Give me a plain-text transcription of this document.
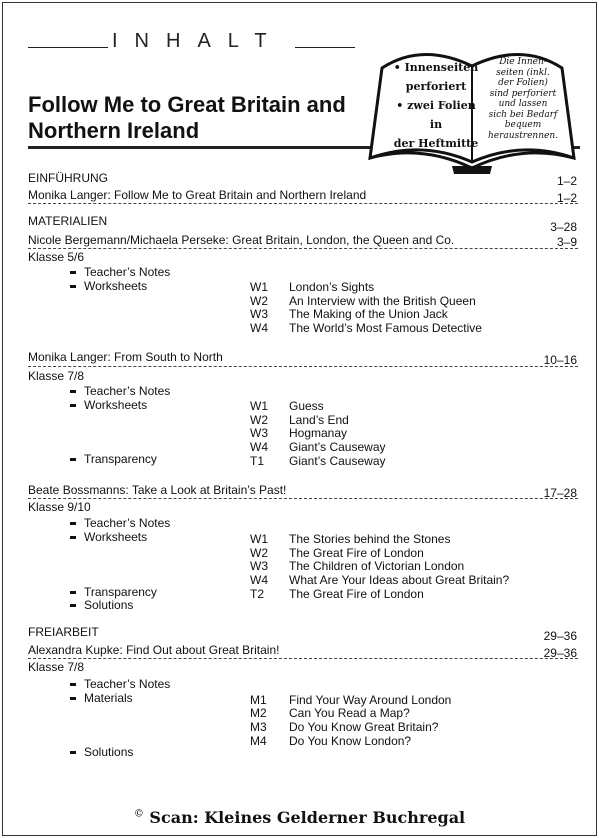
INHALT
Follow Me to Great Britain and
Northern Ireland
• Innenseiten
perforiert
• zwei Folien in
der Heftmitte
Die Innen-
seiten (inkl.
der Folien)
sind perforiert
und lassen
sich bei Bedarf
bequem
heraustrennen.
EINFÜHRUNG	1–2
Monika Langer: Follow Me to Great Britain and Northern Ireland	1–2
MATERIALIEN	3–28
Nicole Bergemann/Michaela Perseke: Great Britain, London, the Queen and Co.	3–9
Klasse 5/6
Teacher’s Notes
Worksheets	W1 London’s Sights
W2 An Interview with the British Queen
W3 The Making of the Union Jack
W4 The World’s Most Famous Detective
Monika Langer: From South to North	10–16
Klasse 7/8
Teacher’s Notes
Worksheets	W1 Guess
W2 Land’s End
W3 Hogmanay
W4 Giant’s Causeway
Transparency	T1 Giant’s Causeway
Beate Bossmanns: Take a Look at Britain’s Past!	17–28
Klasse 9/10
Teacher’s Notes
Worksheets	W1 The Stories behind the Stones
W2 The Great Fire of London
W3 The Children of Victorian London
W4 What Are Your Ideas about Great Britain?
Transparency	T2 The Great Fire of London
Solutions
FREIARBEIT	29–36
Alexandra Kupke: Find Out about Great Britain!	29–36
Klasse 7/8
Teacher’s Notes
Materials	M1 Find Your Way Around London
M2 Can You Read a Map?
M3 Do You Know Great Britain?
M4 Do You Know London?
Solutions
© Scan: Kleines Gelderner Buchregal
